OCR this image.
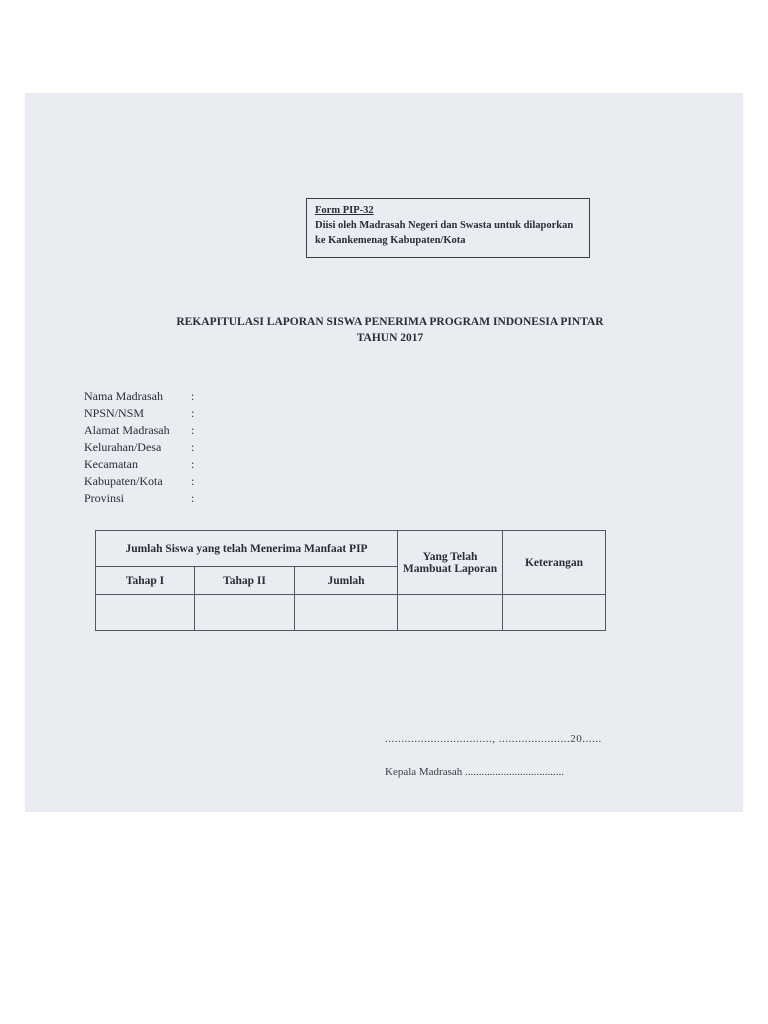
Form PIP-32
Diisi oleh Madrasah Negeri dan Swasta untuk dilaporkan ke Kankemenag Kabupaten/Kota
REKAPITULASI LAPORAN SISWA PENERIMA PROGRAM INDONESIA PINTAR
TAHUN 2017
Nama Madrasah	:
NPSN/NSM	:
Alamat Madrasah	:
Kelurahan/Desa	:
Kecamatan	:
Kabupaten/Kota	:
Provinsi	:
Jumlah Siswa yang telah Menerima Manfaat PIP			Yang Telah Mambuat Laporan	Keterangan
Tahap I	Tahap II	Jumlah		

................................., ......................20......
Kepala Madrasah ....................................
